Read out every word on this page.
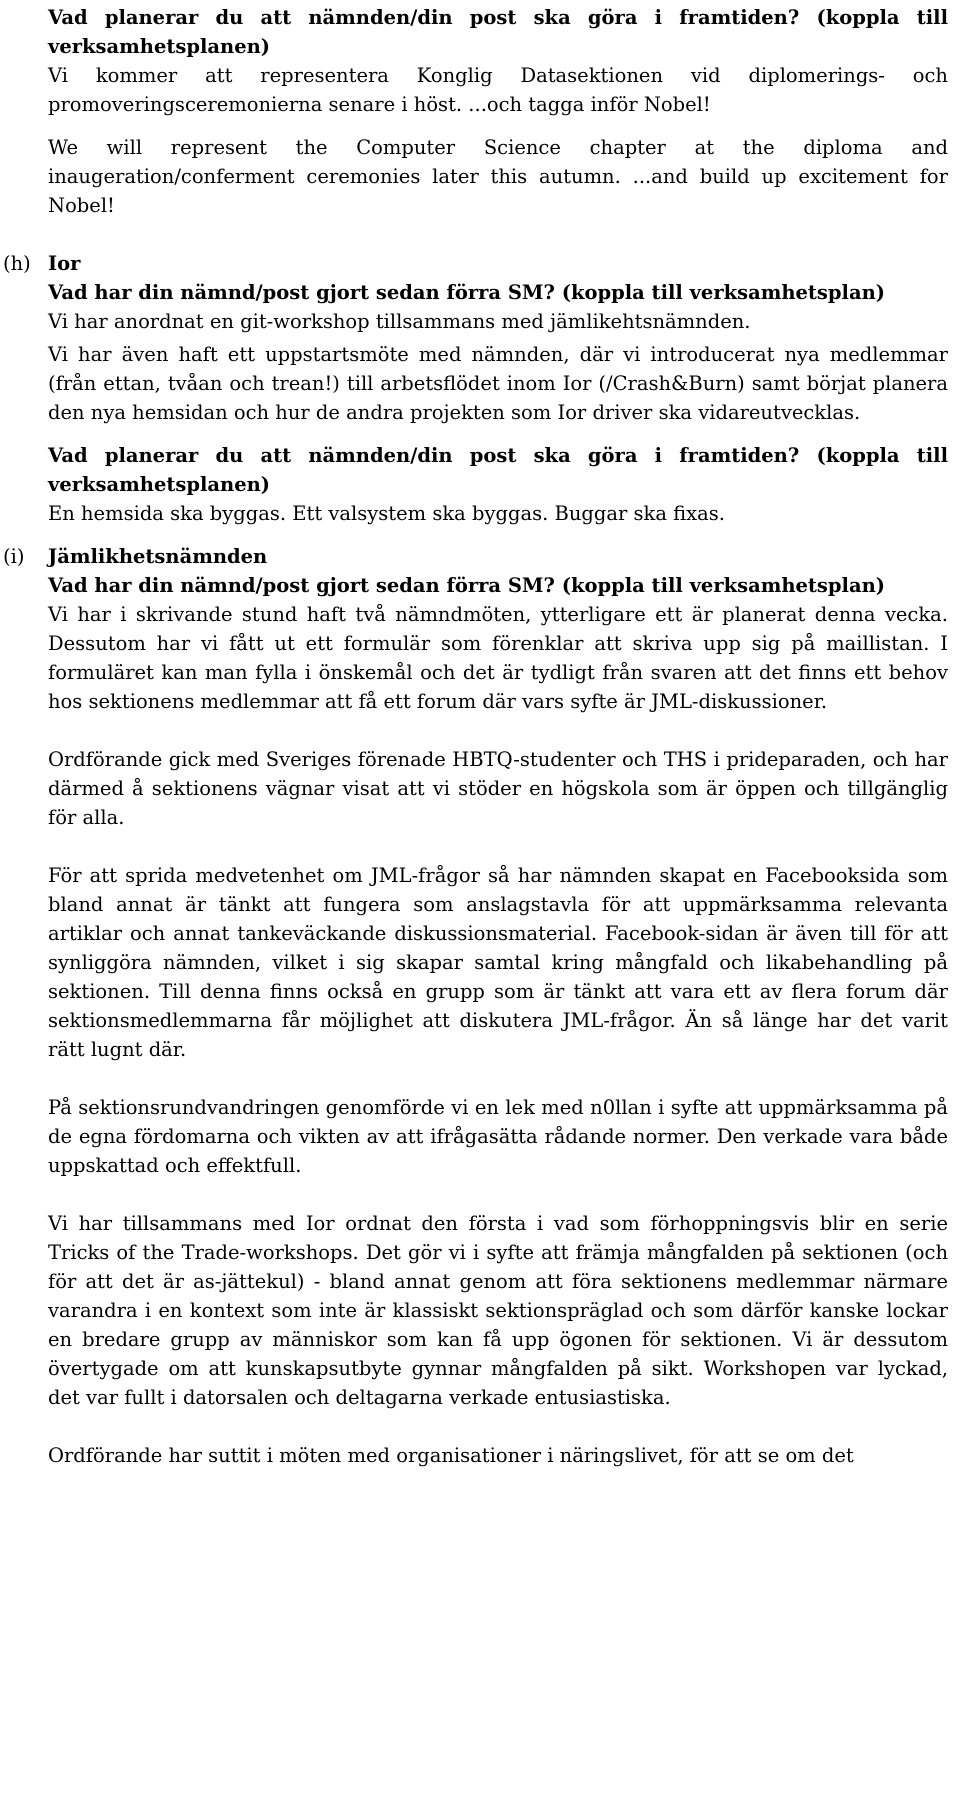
Vad planerar du att nämnden/din post ska göra i framtiden? (koppla till verksamhetsplanen)

Vi kommer att representera Konglig Datasektionen vid diplomerings- och promoveringsceremonierna senare i höst. ...och tagga inför Nobel!

We will represent the Computer Science chapter at the diploma and inaugeration/conferment ceremonies later this autumn. ...and build up excitement for Nobel!

(h) Ior

Vad har din nämnd/post gjort sedan förra SM? (koppla till verksamhetsplan)

Vi har anordnat en git-workshop tillsammans med jämlikehtsnämnden.

Vi har även haft ett uppstartsmöte med nämnden, där vi introducerat nya medlemmar (från ettan, tvåan och trean!) till arbetsflödet inom Ior (/Crash&Burn) samt börjat planera den nya hemsidan och hur de andra projekten som Ior driver ska vidareutvecklas.

Vad planerar du att nämnden/din post ska göra i framtiden? (koppla till verksamhetsplanen)

En hemsida ska byggas. Ett valsystem ska byggas. Buggar ska fixas.

(i) Jämlikhetsnämnden

Vad har din nämnd/post gjort sedan förra SM? (koppla till verksamhetsplan)

Vi har i skrivande stund haft två nämndmöten, ytterligare ett är planerat denna vecka. Dessutom har vi fått ut ett formulär som förenklar att skriva upp sig på maillistan. I formuläret kan man fylla i önskemål och det är tydligt från svaren att det finns ett behov hos sektionens medlemmar att få ett forum där vars syfte är JML-diskussioner.

Ordförande gick med Sveriges förenade HBTQ-studenter och THS i prideparaden, och har därmed å sektionens vägnar visat att vi stöder en högskola som är öppen och tillgänglig för alla.

För att sprida medvetenhet om JML-frågor så har nämnden skapat en Facebooksida som bland annat är tänkt att fungera som anslagstavla för att uppmärksamma relevanta artiklar och annat tankeväckande diskussionsmaterial. Facebook-sidan är även till för att synliggöra nämnden, vilket i sig skapar samtal kring mångfald och likabehandling på sektionen. Till denna finns också en grupp som är tänkt att vara ett av flera forum där sektionsmedlemmarna får möjlighet att diskutera JML-frågor. Än så länge har det varit rätt lugnt där.

På sektionsrundvandringen genomförde vi en lek med n0llan i syfte att uppmärksamma på de egna fördomarna och vikten av att ifrågasätta rådande normer. Den verkade vara både uppskattad och effektfull.

Vi har tillsammans med Ior ordnat den första i vad som förhoppningsvis blir en serie Tricks of the Trade-workshops. Det gör vi i syfte att främja mångfalden på sektionen (och för att det är as-jättekul) - bland annat genom att föra sektionens medlemmar närmare varandra i en kontext som inte är klassiskt sektionspräglad och som därför kanske lockar en bredare grupp av människor som kan få upp ögonen för sektionen. Vi är dessutom övertygade om att kunskapsutbyte gynnar mångfalden på sikt. Workshopen var lyckad, det var fullt i datorsalen och deltagarna verkade entusiastiska.

Ordförande har suttit i möten med organisationer i näringslivet, för att se om det
